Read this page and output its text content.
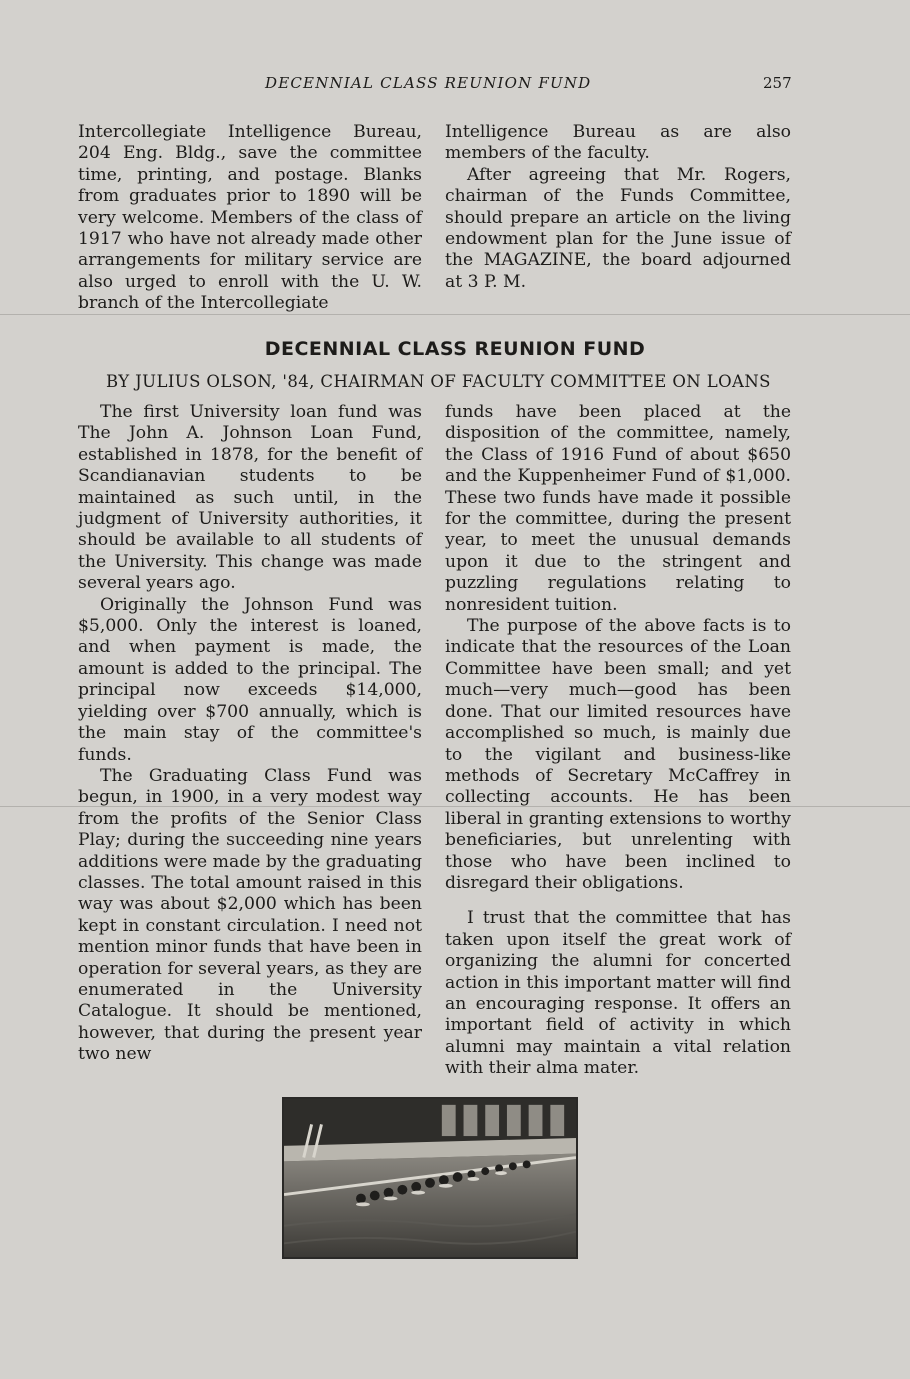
DECENNIAL CLASS REUNION FUND	257

Intercollegiate Intelligence Bureau, 204 Eng. Bldg., save the committee time, printing, and postage. Blanks from graduates prior to 1890 will be very welcome. Members of the class of 1917 who have not already made other arrangements for military service are also urged to enroll with the U. W. branch of the Intercollegiate

Intelligence Bureau as are also members of the faculty.

After agreeing that Mr. Rogers, chairman of the Funds Committee, should prepare an article on the living endowment plan for the June issue of the MAGAZINE, the board adjourned at 3 P. M.

DECENNIAL CLASS REUNION FUND
BY JULIUS OLSON, '84, CHAIRMAN OF FACULTY COMMITTEE ON LOANS

The first University loan fund was The John A. Johnson Loan Fund, established in 1878, for the benefit of Scandianavian students to be maintained as such until, in the judgment of University authorities, it should be available to all students of the University. This change was made several years ago.

Originally the Johnson Fund was $5,000. Only the interest is loaned, and when payment is made, the amount is added to the principal. The principal now exceeds $14,000, yielding over $700 annually, which is the main stay of the committee's funds.

The Graduating Class Fund was begun, in 1900, in a very modest way from the profits of the Senior Class Play; during the succeeding nine years additions were made by the graduating classes. The total amount raised in this way was about $2,000 which has been kept in constant circulation. I need not mention minor funds that have been in operation for several years, as they are enumerated in the University Catalogue. It should be mentioned, however, that during the present year two new

funds have been placed at the disposition of the committee, namely, the Class of 1916 Fund of about $650 and the Kuppenheimer Fund of $1,000. These two funds have made it possible for the committee, during the present year, to meet the unusual demands upon it due to the stringent and puzzling regulations relating to nonresident tuition.

The purpose of the above facts is to indicate that the resources of the Loan Committee have been small; and yet much—very much—good has been done. That our limited resources have accomplished so much, is mainly due to the vigilant and business-like methods of Secretary McCaffrey in collecting accounts. He has been liberal in granting extensions to worthy beneficiaries, but unrelenting with those who have been inclined to disregard their obligations.

I trust that the committee that has taken upon itself the great work of organizing the alumni for concerted action in this important matter will find an encouraging response. It offers an important field of activity in which alumni may maintain a vital relation with their alma mater.
